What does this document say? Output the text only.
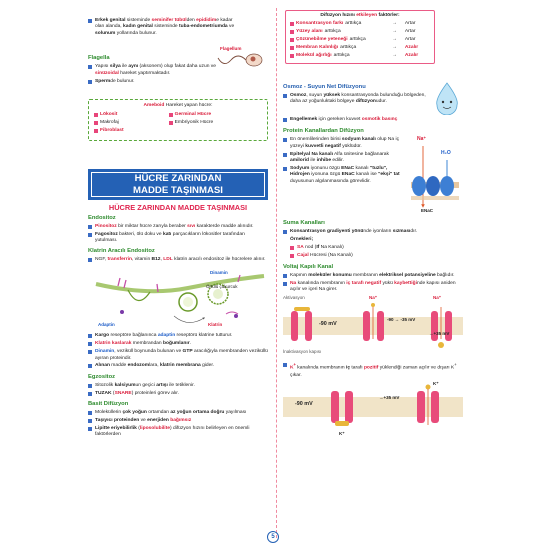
Erkek genital sisteminde seminifer tübülden epididime kadar olan alanda, kadın genital sisteminde tuba-endometriumda ve solunum yollarında bulunur.
Flagellum
Flagella
Yapısı silya ile aynı (aksonem) olup fakat daha uzun ve sinüzoidal hareket yaptırmaktadır.
Spermde bulunur.
Ameboid Hareket yapan hücre:
Lökosit	Germinal Hücre
Makrofaj	Embriyonik Hücre
Fibroblast
HÜCRE ZARINDAN
MADDE TAŞINMASI
HÜCRE ZARINDAN MADDE TAŞINMASI
Endositoz
Pinositoz bir miktar hücre zarıyla beraber sıvı karakterde madde alınıdır.
Fagositoz bakteri, ölü doku ve katı parçacıkların lökositler tarafından yutulması.
Klatrin Aracılı Endositoz
NGF, transferrin, vitamin B12, LDL klatrin aracılı endositoz ile hücrelere alınır.
Dinamin
Örtülü çukurcuk
Adaptin	Klatrin
Kargo reseptöre bağlanınca adaptin reseptörü klatrine tutturur.
Klatrin kaslarak membrandan boğumlanır.
Dinamin, veziküll boynunda bulunan ve GTP aracılığıyla membranden veziküllü ayıran proteindir.
Alınan madde endozomlara, klatrin membrana gider.
Egzositoz
Sitozolik kalsiyumun geçici artışı ile tetiklenir.
TUZAK (SNARE) proteinleri görev alır.
Basit Difüzyon
Moleküllerin çok yoğun ortamdan az yoğun ortama doğru yayılması
Taşıyıcı proteinden ve enerjiden bağımsız
Lipitte eriyebilirlik (liposolubilite) difüzyon hızını belirleyen en önemli faktörlerden
Difüzyon hızını etkileyen faktörler:
Konsantrasyon farkı arttıkça	→ Artar
Yüzey alanı arttıkça	→ Artar
Çözünebilme yeteneği arttıkça	→ Artar
Membran Kalınlığı arttıkça	→ Azalır
Molekül ağırlığı arttıkça	→ Azalır
Osmoz - Suyun Net Difüzyonu
Osmoz, suyun yüksek konsantrasyonda bulunduğu bölgeden, daha az yoğunluktaki bölgeye difüzyonudur.
Engellemek için gereken kuvvet osmotik basınç
Protein Kanallardan Difüzyon
En önemlilerinden birisi sodyum kanalı olup Na iç yüzeyi kuvvetli negatif yüklüdür.
Epitelyal Na kanalı Alfa ünitesine bağlanarak amilorid ile inhibe edilir.
Sodyum iyonunu özgü ENaC kanalı "tuzlu", Hidrojen iyonuna özgü ENaC kanalı ise "ekşi" tat duyusunun algılanmasında görevlidir.
Na⁺
H₂O
ENaC
Suma Kanalları
Konsantrasyon gradiyenti yönünde iyonların sızmasıdır.
Örnekleri;
SA nod (If Na Kanalı)
Cajal Hücresi (Na Kanalı)
Voltaj Kapılı Kanal
Kapının moleküler konumu membranın elektriksel potansiyeline bağlıdır.
Na kanalında membranın iç tarafı negatif yükü kaybettiğinde kapısı aniden açılır ve içeri Na girer.
Aktivasyon	Na⁺	Na⁺
-90 mV
-90 → -35 mV
→+35 mV
İnaktivasyon kapısı
K+ kanalında membranın iç tarafı pozitif yüklendiği zaman açılır ve dışarı K+ çıkar.
-90 mV
→+35 mV
K⁺
K⁺
5
